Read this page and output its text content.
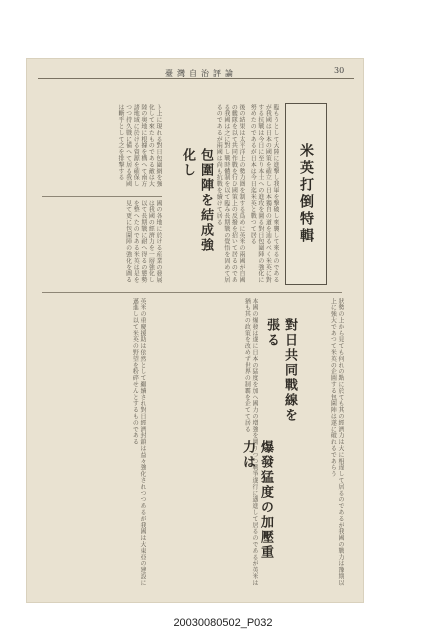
30
臺灣自治評論
米英打倒特輯
臨もうとして大陸に進撃し我軍を撃破し來襲して來るのであるが我國は日本の國策を確立し日本獨自の道を辿るべく米英に對する抗戰は今日に至り本土への進攻を圖る對日包圍陣の強化に努めたのであるが日本は今日迄米英と戰つて居る
後の結果は太平洋上の勢力圏を制する爲めに英米の兩國が自國の艦隊を以て共同作戰を行ひ國策上の反撥を招いて居るのである我國は之に對し戰時體制を以て臨み長期戰の覺悟を固めて居るのであるが兩國は尚も抗戰を續けて居る
ト上に現れる對日包圍網を強化して來たものである敵は大陸の奥地に根據を構へて南方諸地域に於ける資源を確保しつつ持久戰に備へて居る我國は斷乎として之を排撃する
包圍陣を結成強化し
國の各地に於ける産業の發展は我國の經濟力を一層強化し以て長期戰に耐へ得るの態勢を整へたのである米英は是を見て更に包圍陣の強化を圖る
狀勢の上から見ても何れの點に於ても其の經濟力は大に相違して居るのであるが我國の戰力は豫期以上に強大であつて米英の企圖する包圍陣は遂に破れるであらう
對日共同戰線を張る
本國の爆發は遂に日本の猛度を加へ國力の增強を圖りつつ戰爭遂行に邁進して居るのであるが英米は猶も其の政策を改めず世界の制霸を企てて居る
爆發猛度の加壓重力は
英米の重慶援助は依然として繼續され對日經濟封鎖は益々強化されつつあるが我國は大東亞の建設に邁進し以て米英の野望を粉碎せんとするものである
20030080502_P032
